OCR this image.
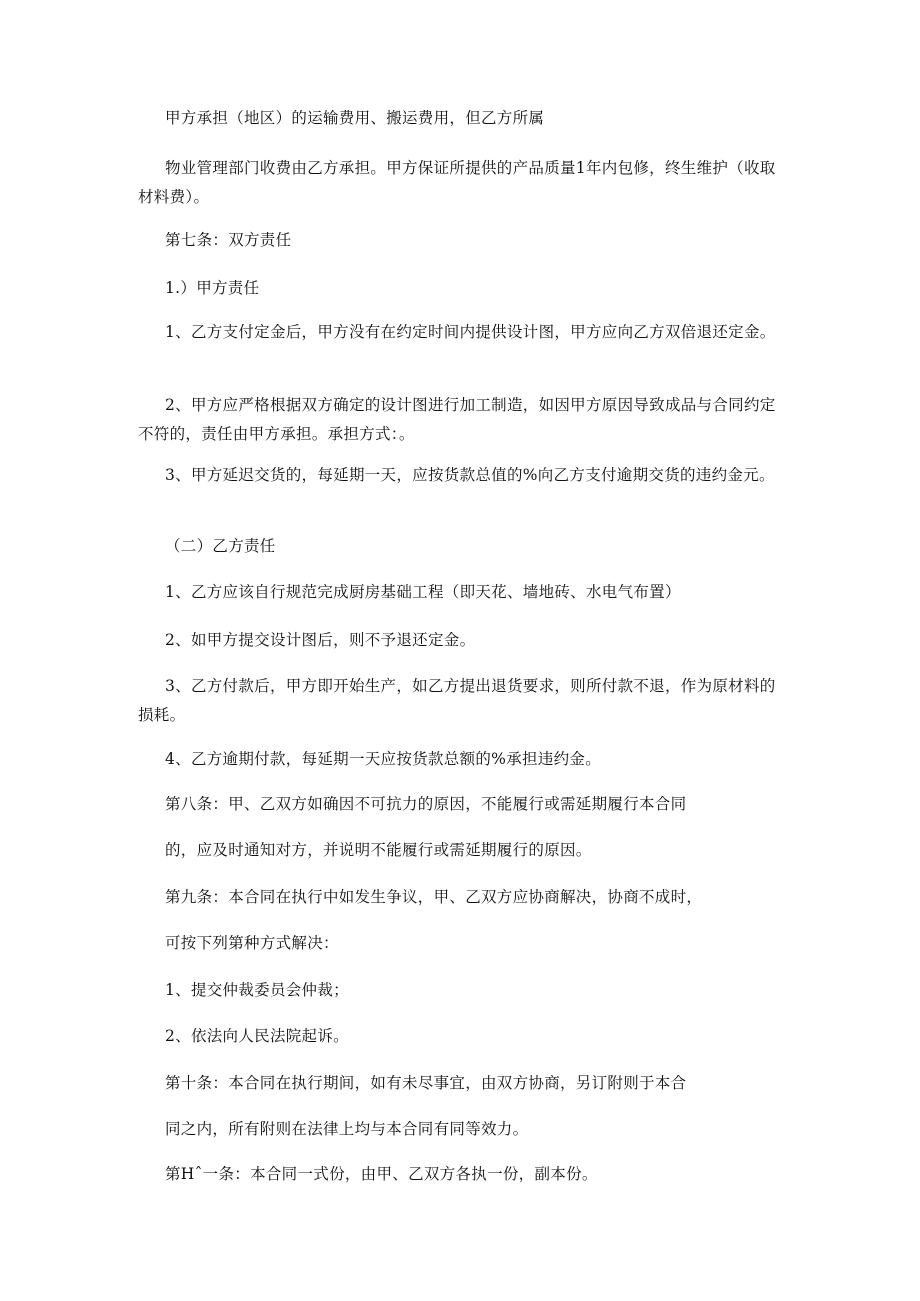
甲方承担（地区）的运输费用、搬运费用，但乙方所属

物业管理部门收费由乙方承担。甲方保证所提供的产品质量1年内包修，终生维护（收取材料费）。

第七条：双方责任

1.）甲方责任

1、乙方支付定金后，甲方没有在约定时间内提供设计图，甲方应向乙方双倍退还定金。

2、甲方应严格根据双方确定的设计图进行加工制造，如因甲方原因导致成品与合同约定不符的，责任由甲方承担。承担方式：。

3、甲方延迟交货的，每延期一天，应按货款总值的%向乙方支付逾期交货的违约金元。

（二）乙方责任

1、乙方应该自行规范完成厨房基础工程（即天花、墙地砖、水电气布置）

2、如甲方提交设计图后，则不予退还定金。

3、乙方付款后，甲方即开始生产，如乙方提出退货要求，则所付款不退，作为原材料的损耗。

4、乙方逾期付款，每延期一天应按货款总额的%承担违约金。

第八条：甲、乙双方如确因不可抗力的原因，不能履行或需延期履行本合同

的，应及时通知对方，并说明不能履行或需延期履行的原因。

第九条：本合同在执行中如发生争议，甲、乙双方应协商解决，协商不成时，

可按下列第种方式解决：

1、提交仲裁委员会仲裁；

2、依法向人民法院起诉。

第十条：本合同在执行期间，如有未尽事宜，由双方协商，另订附则于本合

同之内，所有附则在法律上均与本合同有同等效力。

第Hˆ一条：本合同一式份，由甲、乙双方各执一份，副本份。
